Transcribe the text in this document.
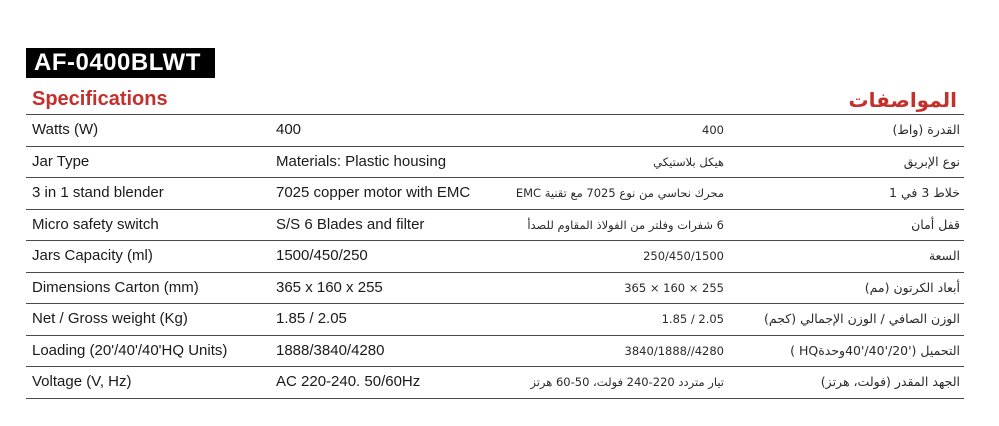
AF-0400BLWT
Specifications	المواصفات
Watts (W)	400	400	القدرة (واط)
Jar Type	Materials: Plastic housing	هيكل بلاستيكي	نوع الإبريق
3 in 1 stand blender	7025 copper motor with EMC	محرك نحاسي من نوع 7025 مع تقنية EMC	خلاط 3 في 1
Micro safety switch	S/S 6 Blades and filter	6 شفرات وفلتر من الفولاذ المقاوم للصدأ	قفل أمان
Jars Capacity (ml)	1500/450/250	250/450/1500	السعة
Dimensions Carton (mm)	365 x 160 x 255	255 × 160 × 365	أبعاد الكرتون (مم)
Net / Gross weight (Kg)	1.85 / 2.05	2.05 / 1.85	الوزن الصافي / الوزن الإجمالي (كجم)
Loading (20'/40'/40'HQ Units)	1888/3840/4280	4280//3840/1888	التحميل ('20/'40/'40وحدةHQ )
Voltage (V, Hz)	AC 220-240. 50/60Hz	تيار متردد 220-240 فولت، 50-60 هرتز	الجهد المقدر (فولت، هرتز)
